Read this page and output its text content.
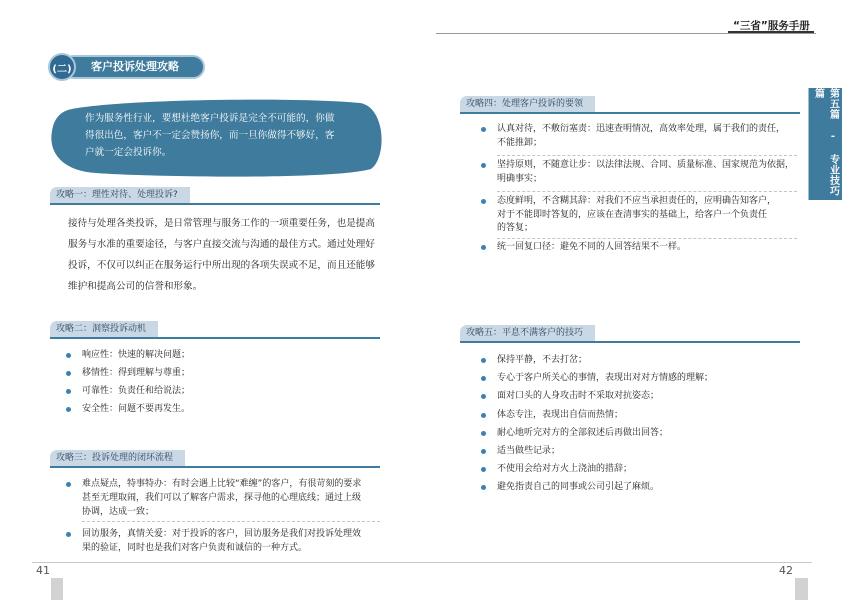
(二)	客户投诉处理攻略
作为服务性行业，要想杜绝客户投诉是完全不可能的，你做
得很出色，客户不一定会赞扬你，而一旦你做得不够好，客
户就一定会投诉你。
攻略一：理性对待、处理投诉?
接待与处理各类投诉，是日常管理与服务工作的一项重要任务，也是提高
服务与水准的重要途径，与客户直接交流与沟通的最佳方式。通过处理好
投诉，不仅可以纠正在服务运行中所出现的各项失误或不足，而且还能够
维护和提高公司的信誉和形象。
攻略二：洞察投诉动机
响应性：快速的解决问题；
移情性：得到理解与尊重；
可靠性：负责任和给说法；
安全性：问题不要再发生。
攻略三：投诉处理的闭环流程
难点疑点，特事特办：有时会遇上比较“难缠”的客户，有很苛刻的要求
甚至无理取闹，我们可以了解客户需求，探寻他的心理底线；通过上级
协调，达成一致；
回访服务，真情关爱：对于投诉的客户，回访服务是我们对投诉处理效
果的验证，同时也是我们对客户负责和诚信的一种方式。
“三省”服务手册
第五篇 - 专业技巧篇
攻略四：处理客户投诉的要领
认真对待，不敷衍塞责：迅速查明情况，高效率处理，属于我们的责任，
不能推卸；
坚持原则，不随意让步：以法律法规、合同、质量标准、国家规范为依据，
明确事实；
态度鲜明，不含糊其辞：对我们不应当承担责任的，应明确告知客户，
对于不能即时答复的，应该在查清事实的基础上，给客户一个负责任
的答复；
统一回复口径：避免不同的人回答结果不一样。
攻略五：平息不满客户的技巧
保持平静，不去打岔；
专心于客户所关心的事情，表现出对对方情感的理解；
面对口头的人身攻击时不采取对抗姿态；
体态专注，表现出自信而热情；
耐心地听完对方的全部叙述后再做出回答；
适当做些记录；
不使用会给对方火上浇油的措辞；
避免指责自己的同事或公司引起了麻烦。
41	42
